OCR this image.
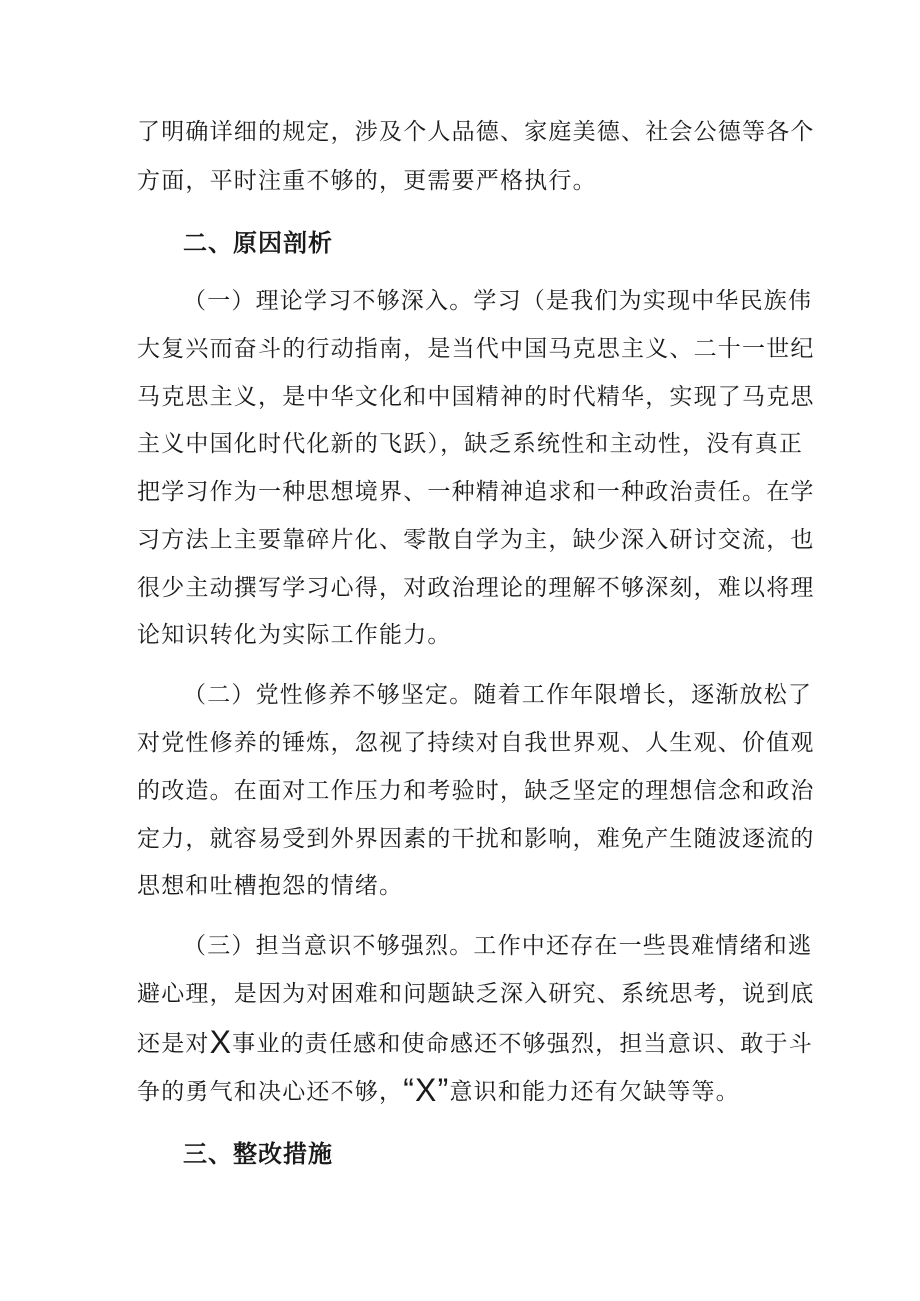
了明确详细的规定，涉及个人品德、家庭美德、社会公德等各个
方面，平时注重不够的，更需要严格执行。
二、原因剖析
（一）理论学习不够深入。学习（是我们为实现中华民族伟
大复兴而奋斗的行动指南，是当代中国马克思主义、二十一世纪
马克思主义，是中华文化和中国精神的时代精华，实现了马克思
主义中国化时代化新的飞跃），缺乏系统性和主动性，没有真正
把学习作为一种思想境界、一种精神追求和一种政治责任。在学
习方法上主要靠碎片化、零散自学为主，缺少深入研讨交流，也
很少主动撰写学习心得，对政治理论的理解不够深刻，难以将理
论知识转化为实际工作能力。
（二）党性修养不够坚定。随着工作年限增长，逐渐放松了
对党性修养的锤炼，忽视了持续对自我世界观、人生观、价值观
的改造。在面对工作压力和考验时，缺乏坚定的理想信念和政治
定力，就容易受到外界因素的干扰和影响，难免产生随波逐流的
思想和吐槽抱怨的情绪。
（三）担当意识不够强烈。工作中还存在一些畏难情绪和逃
避心理，是因为对困难和问题缺乏深入研究、系统思考，说到底
还是对X事业的责任感和使命感还不够强烈，担当意识、敢于斗
争的勇气和决心还不够，“X”意识和能力还有欠缺等等。
三、整改措施
